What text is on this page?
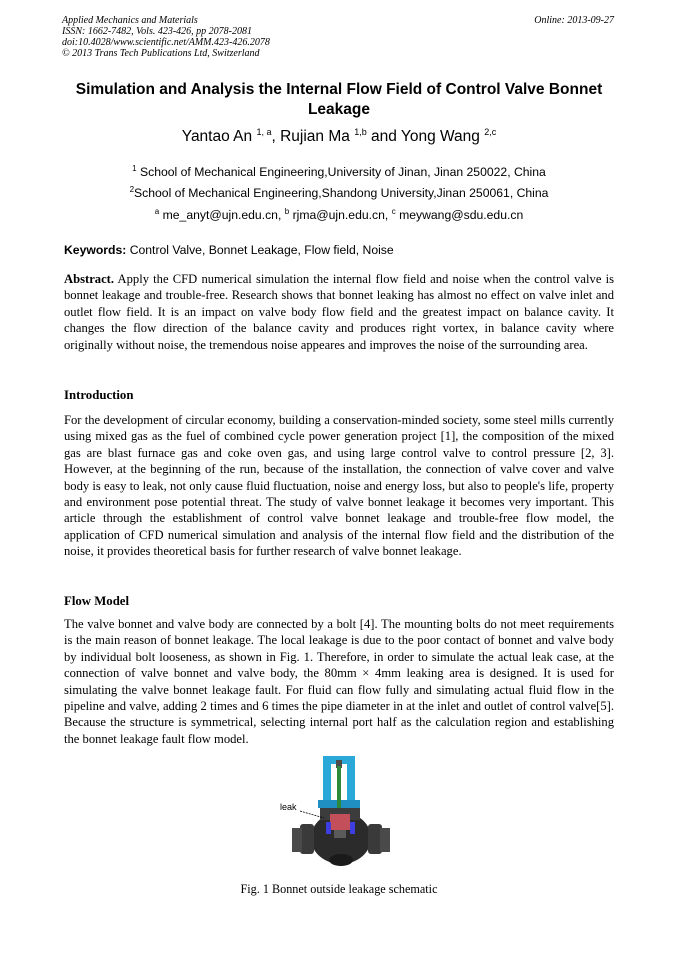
Applied Mechanics and Materials
ISSN: 1662-7482, Vols. 423-426, pp 2078-2081
doi:10.4028/www.scientific.net/AMM.423-426.2078
© 2013 Trans Tech Publications Ltd, Switzerland
Online: 2013-09-27
Simulation and Analysis the Internal Flow Field of Control Valve Bonnet Leakage
Yantao An $^{1, a}$, Rujian Ma $^{1,b}$ and Yong Wang $^{2,c}$
$^1$ School of Mechanical Engineering,University of Jinan, Jinan 250022, China
$^2$School of Mechanical Engineering,Shandong University,Jinan 250061, China
$^a$ me_anyt@ujn.edu.cn, $^b$ rjma@ujn.edu.cn, $^c$ meywang@sdu.edu.cn
Keywords: Control Valve, Bonnet Leakage, Flow field, Noise
Abstract. Apply the CFD numerical simulation the internal flow field and noise when the control valve is bonnet leakage and trouble-free. Research shows that bonnet leaking has almost no effect on valve inlet and outlet flow field. It is an impact on valve body flow field and the greatest impact on balance cavity. It changes the flow direction of the balance cavity and produces right vortex, in balance cavity where originally without noise, the tremendous noise appeares and improves the noise of the surrounding area.
Introduction
For the development of circular economy, building a conservation-minded society, some steel mills currently using mixed gas as the fuel of combined cycle power generation project [1], the composition of the mixed gas are blast furnace gas and coke oven gas, and using large control valve to control pressure [2, 3]. However, at the beginning of the run, because of the installation, the connection of valve cover and valve body is easy to leak, not only cause fluid fluctuation, noise and energy loss, but also to people's life, property and environment pose potential threat. The study of valve bonnet leakage it becomes very important. This article through the establishment of control valve bonnet leakage and trouble-free flow model, the application of CFD numerical simulation and analysis of the internal flow field and the distribution of the noise, it provides theoretical basis for further research of valve bonnet leakage.
Flow Model
The valve bonnet and valve body are connected by a bolt [4]. The mounting bolts do not meet requirements is the main reason of bonnet leakage. The local leakage is due to the poor contact of bonnet and valve body by individual bolt looseness, as shown in Fig. 1. Therefore, in order to simulate the actual leak case, at the connection of valve bonnet and valve body, the 80mm × 4mm leaking area is designed. It is used for simulating the valve bonnet leakage fault. For fluid can flow fully and simulating actual fluid flow in the pipeline and valve, adding 2 times and 6 times the pipe diameter in at the inlet and outlet of control valve[5]. Because the structure is symmetrical, selecting internal port half as the calculation region and establishing the bonnet leakage fault flow model.
leak
Fig. 1 Bonnet outside leakage schematic
